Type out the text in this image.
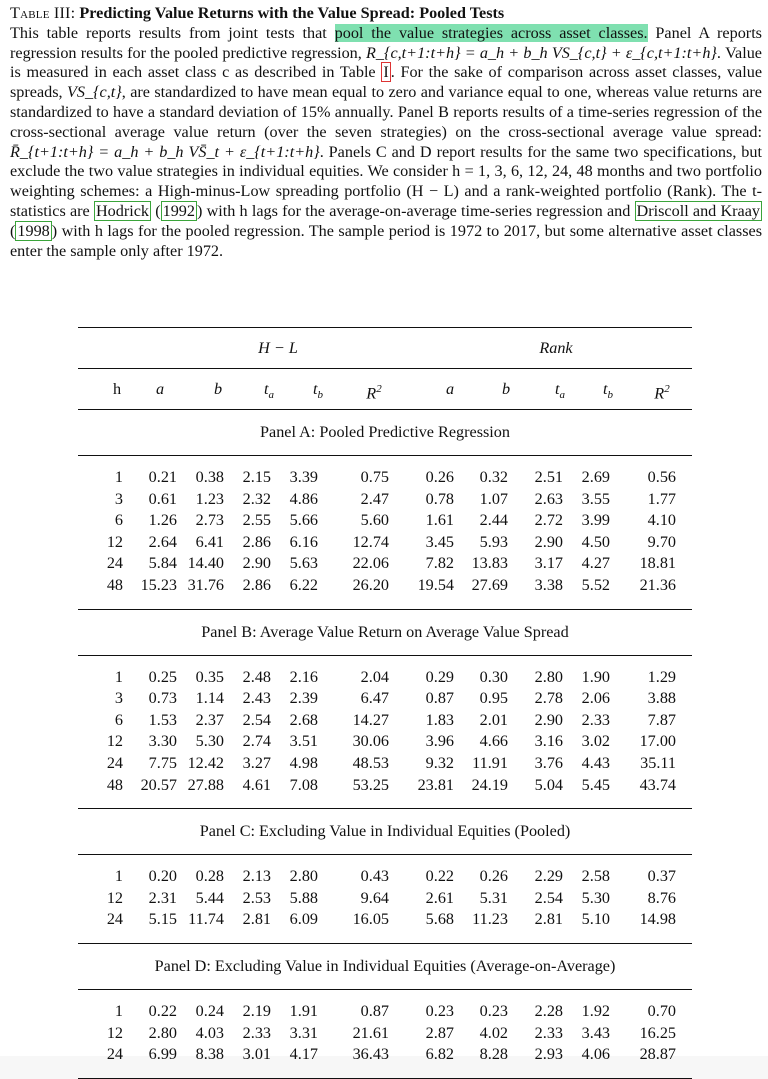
Table III: Predicting Value Returns with the Value Spread: Pooled Tests
This table reports results from joint tests that pool the value strategies across asset classes. Panel A reports regression results for the pooled predictive regression, R_{c,t+1:t+h} = a_h + b_h VS_{c,t} + ε_{c,t+1:t+h}. Value is measured in each asset class c as described in Table I . For the sake of comparison across asset classes, value spreads, VS_{c,t}, are standardized to have mean equal to zero and variance equal to one, whereas value returns are standardized to have a standard deviation of 15% annually. Panel B reports results of a time-series regression of the cross-sectional average value return (over the seven strategies) on the cross-sectional average value spread: R̄_{t+1:t+h} = a_h + b_h VS̄_t + ε_{t+1:t+h}. Panels C and D report results for the same two specifications, but exclude the two value strategies in individual equities. We consider h = 1, 3, 6, 12, 24, 48 months and two portfolio weighting schemes: a High-minus-Low spreading portfolio (H − L) and a rank-weighted portfolio (Rank). The t-statistics are Hodrick ( 1992 ) with h lags for the average-on-average time-series regression and Driscoll and Kraay ( 1998 ) with h lags for the pooled regression. The sample period is 1972 to 2017, but some alternative asset classes enter the sample only after 1972.
H − L	Rank
h	a	b	$t_a$	$t_b$	$R^2$	a	b	$t_a$	$t_b$	$R^2$
Panel A: Pooled Predictive Regression
1 0.21 0.38 2.15 3.39	0.75 0.26 0.32 2.51 2.69 0.56
3 0.61 1.23 2.32 4.86	2.47 0.78 1.07 2.63 3.55 1.77
6 1.26 2.73 2.55 5.66	5.60 1.61 2.44 2.72 3.99 4.10
12 2.64 6.41 2.86 6.16 12.74 3.45 5.93 2.90 4.50 9.70
24 5.84 14.40 2.90 5.63 22.06 7.82 13.83 3.17 4.27 18.81
48 15.23 31.76 2.86 6.22 26.20 19.54 27.69 3.38 5.52 21.36
Panel B: Average Value Return on Average Value Spread
1 0.25 0.35 2.48 2.16	2.04 0.29 0.30 2.80 1.90 1.29
3 0.73 1.14 2.43 2.39	6.47 0.87 0.95 2.78 2.06 3.88
6 1.53 2.37 2.54 2.68 14.27 1.83 2.01 2.90 2.33 7.87
12 3.30 5.30 2.74 3.51 30.06 3.96 4.66 3.16 3.02 17.00
24 7.75 12.42 3.27 4.98 48.53 9.32 11.91 3.76 4.43 35.11
48 20.57 27.88 4.61 7.08 53.25 23.81 24.19 5.04 5.45 43.74
Panel C: Excluding Value in Individual Equities (Pooled)
1 0.20 0.28 2.13 2.80	0.43 0.22 0.26 2.29 2.58 0.37
12 2.31 5.44 2.53 5.88	9.64 2.61 5.31 2.54 5.30 8.76
24 5.15 11.74 2.81 6.09 16.05 5.68 11.23 2.81 5.10 14.98
Panel D: Excluding Value in Individual Equities (Average-on-Average)
1 0.22 0.24 2.19 1.91	0.87 0.23 0.23 2.28 1.92 0.70
12 2.80 4.03 2.33 3.31 21.61 2.87 4.02 2.33 3.43 16.25
24 6.99 8.38 3.01 4.17 36.43 6.82 8.28 2.93 4.06 28.87
